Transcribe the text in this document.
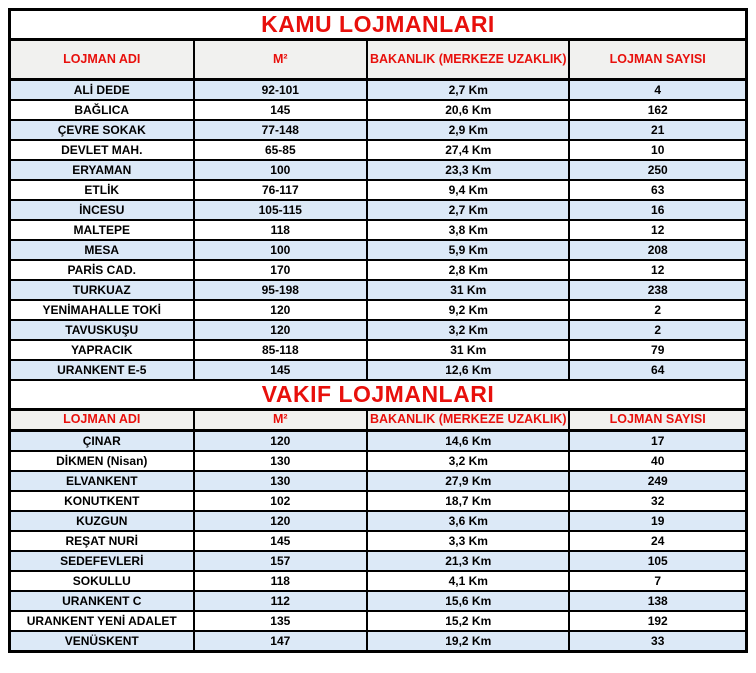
KAMU LOJMANLARI
LOJMAN ADI	M²	BAKANLIK (MERKEZE UZAKLIK)	LOJMAN SAYISI
ALİ DEDE	92-101	2,7 Km	4
BAĞLICA	145	20,6 Km	162
ÇEVRE SOKAK	77-148	2,9 Km	21
DEVLET MAH.	65-85	27,4 Km	10
ERYAMAN	100	23,3 Km	250
ETLİK	76-117	9,4 Km	63
İNCESU	105-115	2,7 Km	16
MALTEPE	118	3,8 Km	12
MESA	100	5,9 Km	208
PARİS CAD.	170	2,8 Km	12
TURKUAZ	95-198	31 Km	238
YENİMAHALLE TOKİ	120	9,2 Km	2
TAVUSKUŞU	120	3,2 Km	2
YAPRACIK	85-118	31 Km	79
URANKENT E-5	145	12,6 Km	64
VAKIF LOJMANLARI
LOJMAN ADI	M²	BAKANLIK (MERKEZE UZAKLIK)	LOJMAN SAYISI
ÇINAR	120	14,6 Km	17
DİKMEN (Nisan)	130	3,2 Km	40
ELVANKENT	130	27,9 Km	249
KONUTKENT	102	18,7 Km	32
KUZGUN	120	3,6 Km	19
REŞAT NURİ	145	3,3 Km	24
SEDEFEVLERİ	157	21,3 Km	105
SOKULLU	118	4,1 Km	7
URANKENT C	112	15,6 Km	138
URANKENT YENİ ADALET	135	15,2 Km	192
VENÜSKENT	147	19,2 Km	33
